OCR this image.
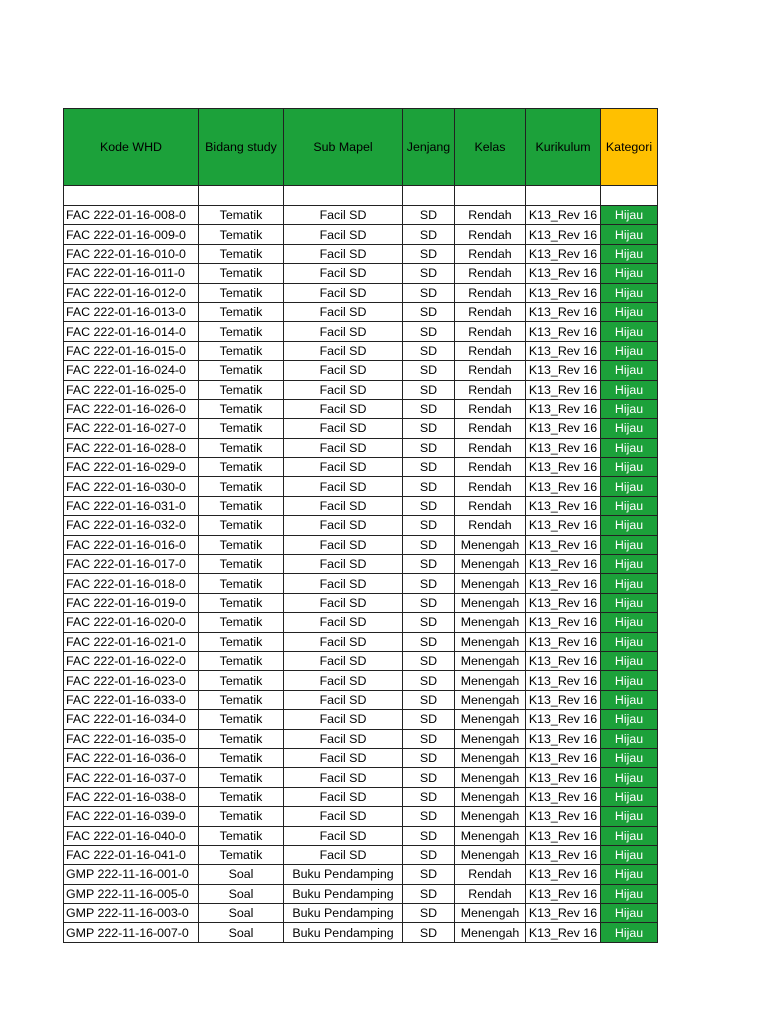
Kode WHD	Bidang study	Sub Mapel	Jenjang	Kelas	Kurikulum	Kategori

FAC 222-01-16-008-0	Tematik	Facil SD	SD	Rendah	K13_Rev 16	Hijau
FAC 222-01-16-009-0	Tematik	Facil SD	SD	Rendah	K13_Rev 16	Hijau
FAC 222-01-16-010-0	Tematik	Facil SD	SD	Rendah	K13_Rev 16	Hijau
FAC 222-01-16-011-0	Tematik	Facil SD	SD	Rendah	K13_Rev 16	Hijau
FAC 222-01-16-012-0	Tematik	Facil SD	SD	Rendah	K13_Rev 16	Hijau
FAC 222-01-16-013-0	Tematik	Facil SD	SD	Rendah	K13_Rev 16	Hijau
FAC 222-01-16-014-0	Tematik	Facil SD	SD	Rendah	K13_Rev 16	Hijau
FAC 222-01-16-015-0	Tematik	Facil SD	SD	Rendah	K13_Rev 16	Hijau
FAC 222-01-16-024-0	Tematik	Facil SD	SD	Rendah	K13_Rev 16	Hijau
FAC 222-01-16-025-0	Tematik	Facil SD	SD	Rendah	K13_Rev 16	Hijau
FAC 222-01-16-026-0	Tematik	Facil SD	SD	Rendah	K13_Rev 16	Hijau
FAC 222-01-16-027-0	Tematik	Facil SD	SD	Rendah	K13_Rev 16	Hijau
FAC 222-01-16-028-0	Tematik	Facil SD	SD	Rendah	K13_Rev 16	Hijau
FAC 222-01-16-029-0	Tematik	Facil SD	SD	Rendah	K13_Rev 16	Hijau
FAC 222-01-16-030-0	Tematik	Facil SD	SD	Rendah	K13_Rev 16	Hijau
FAC 222-01-16-031-0	Tematik	Facil SD	SD	Rendah	K13_Rev 16	Hijau
FAC 222-01-16-032-0	Tematik	Facil SD	SD	Rendah	K13_Rev 16	Hijau
FAC 222-01-16-016-0	Tematik	Facil SD	SD	Menengah	K13_Rev 16	Hijau
FAC 222-01-16-017-0	Tematik	Facil SD	SD	Menengah	K13_Rev 16	Hijau
FAC 222-01-16-018-0	Tematik	Facil SD	SD	Menengah	K13_Rev 16	Hijau
FAC 222-01-16-019-0	Tematik	Facil SD	SD	Menengah	K13_Rev 16	Hijau
FAC 222-01-16-020-0	Tematik	Facil SD	SD	Menengah	K13_Rev 16	Hijau
FAC 222-01-16-021-0	Tematik	Facil SD	SD	Menengah	K13_Rev 16	Hijau
FAC 222-01-16-022-0	Tematik	Facil SD	SD	Menengah	K13_Rev 16	Hijau
FAC 222-01-16-023-0	Tematik	Facil SD	SD	Menengah	K13_Rev 16	Hijau
FAC 222-01-16-033-0	Tematik	Facil SD	SD	Menengah	K13_Rev 16	Hijau
FAC 222-01-16-034-0	Tematik	Facil SD	SD	Menengah	K13_Rev 16	Hijau
FAC 222-01-16-035-0	Tematik	Facil SD	SD	Menengah	K13_Rev 16	Hijau
FAC 222-01-16-036-0	Tematik	Facil SD	SD	Menengah	K13_Rev 16	Hijau
FAC 222-01-16-037-0	Tematik	Facil SD	SD	Menengah	K13_Rev 16	Hijau
FAC 222-01-16-038-0	Tematik	Facil SD	SD	Menengah	K13_Rev 16	Hijau
FAC 222-01-16-039-0	Tematik	Facil SD	SD	Menengah	K13_Rev 16	Hijau
FAC 222-01-16-040-0	Tematik	Facil SD	SD	Menengah	K13_Rev 16	Hijau
FAC 222-01-16-041-0	Tematik	Facil SD	SD	Menengah	K13_Rev 16	Hijau
GMP 222-11-16-001-0	Soal	Buku Pendamping	SD	Rendah	K13_Rev 16	Hijau
GMP 222-11-16-005-0	Soal	Buku Pendamping	SD	Rendah	K13_Rev 16	Hijau
GMP 222-11-16-003-0	Soal	Buku Pendamping	SD	Menengah	K13_Rev 16	Hijau
GMP 222-11-16-007-0	Soal	Buku Pendamping	SD	Menengah	K13_Rev 16	Hijau
